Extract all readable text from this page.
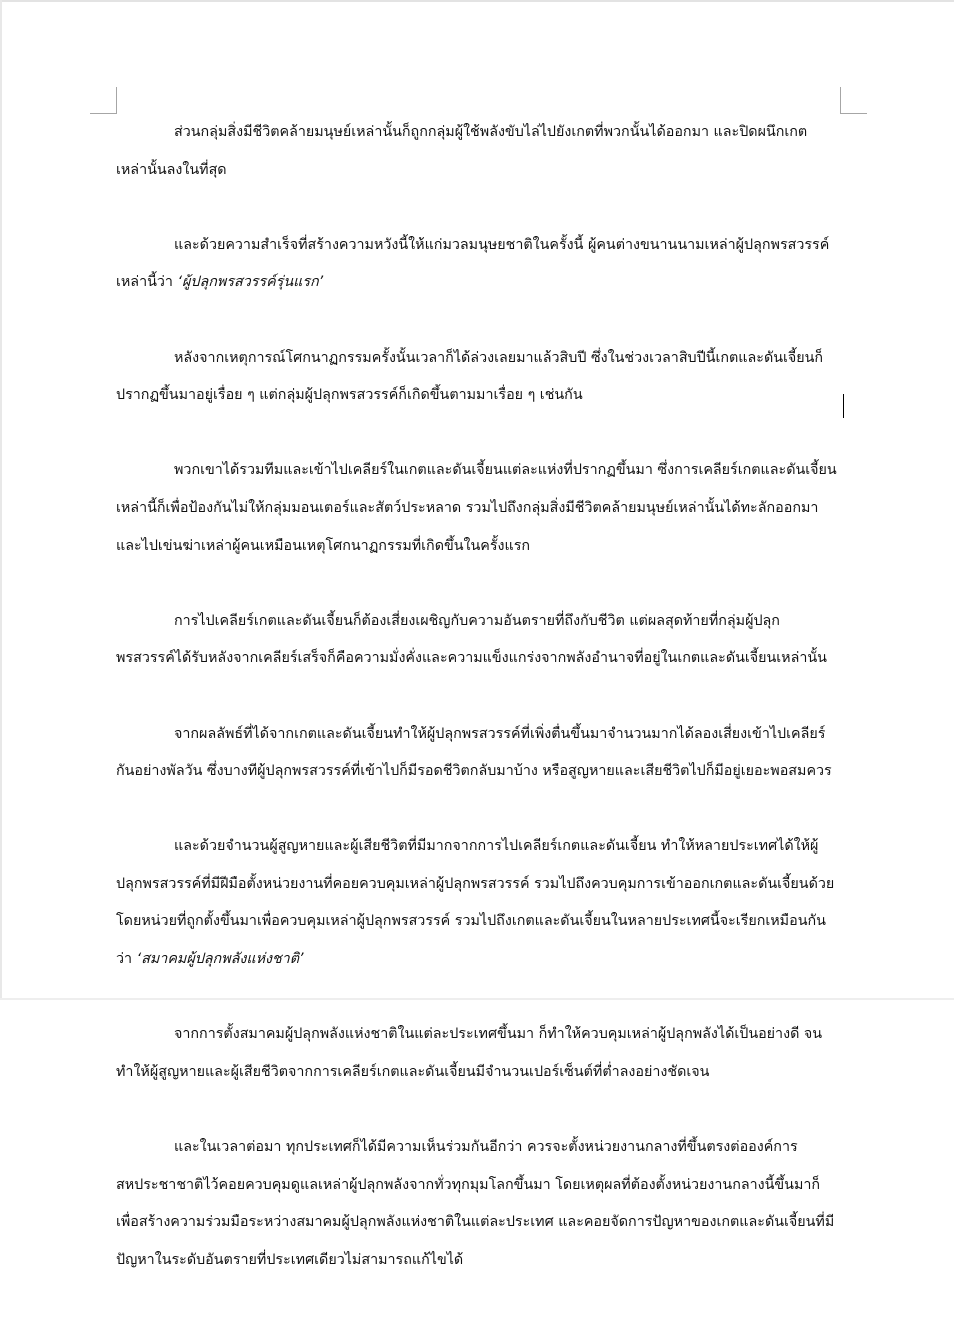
ส่วนกลุ่มสิ่งมีชีวิตคล้ายมนุษย์เหล่านั้นก็ถูกกลุ่มผู้ใช้พลังขับไล่ไปยังเกตที่พวกนั้นได้ออกมา และปิดผนึกเกต
เหล่านั้นลงในที่สุด

และด้วยความสำเร็จที่สร้างความหวังนี้ให้แก่มวลมนุษยชาติในครั้งนี้ ผู้คนต่างขนานนามเหล่าผู้ปลุกพรสวรรค์
เหล่านี้ว่า ‘ผู้ปลุกพรสวรรค์รุ่นแรก’

หลังจากเหตุการณ์โศกนาฏกรรมครั้งนั้นเวลาก็ได้ล่วงเลยมาแล้วสิบปี ซึ่งในช่วงเวลาสิบปีนี้เกตและดันเจี้ยนก็
ปรากฏขึ้นมาอยู่เรื่อย ๆ แต่กลุ่มผู้ปลุกพรสวรรค์ก็เกิดขึ้นตามมาเรื่อย ๆ เช่นกัน

พวกเขาได้รวมทีมและเข้าไปเคลียร์ในเกตและดันเจี้ยนแต่ละแห่งที่ปรากฏขึ้นมา ซึ่งการเคลียร์เกตและดันเจี้ยน
เหล่านี้ก็เพื่อป้องกันไม่ให้กลุ่มมอนเตอร์และสัตว์ประหลาด รวมไปถึงกลุ่มสิ่งมีชีวิตคล้ายมนุษย์เหล่านั้นได้ทะลักออกมา
และไปเข่นฆ่าเหล่าผู้คนเหมือนเหตุโศกนาฏกรรมที่เกิดขึ้นในครั้งแรก

การไปเคลียร์เกตและดันเจี้ยนก็ต้องเสี่ยงเผชิญกับความอันตรายที่ถึงกับชีวิต แต่ผลสุดท้ายที่กลุ่มผู้ปลุก
พรสวรรค์ได้รับหลังจากเคลียร์เสร็จก็คือความมั่งคั่งและความแข็งแกร่งจากพลังอำนาจที่อยู่ในเกตและดันเจี้ยนเหล่านั้น

จากผลลัพธ์ที่ได้จากเกตและดันเจี้ยนทำให้ผู้ปลุกพรสวรรค์ที่เพิ่งตื่นขึ้นมาจำนวนมากได้ลองเสี่ยงเข้าไปเคลียร์
กันอย่างพัลวัน ซึ่งบางทีผู้ปลุกพรสวรรค์ที่เข้าไปก็มีรอดชีวิตกลับมาบ้าง หรือสูญหายและเสียชีวิตไปก็มีอยู่เยอะพอสมควร

และด้วยจำนวนผู้สูญหายและผู้เสียชีวิตที่มีมากจากการไปเคลียร์เกตและดันเจี้ยน ทำให้หลายประเทศได้ให้ผู้
ปลุกพรสวรรค์ที่มีฝีมือตั้งหน่วยงานที่คอยควบคุมเหล่าผู้ปลุกพรสวรรค์ รวมไปถึงควบคุมการเข้าออกเกตและดันเจี้ยนด้วย
โดยหน่วยที่ถูกตั้งขึ้นมาเพื่อควบคุมเหล่าผู้ปลุกพรสวรรค์ รวมไปถึงเกตและดันเจี้ยนในหลายประเทศนี้จะเรียกเหมือนกัน
ว่า ‘สมาคมผู้ปลุกพลังแห่งชาติ’

จากการตั้งสมาคมผู้ปลุกพลังแห่งชาติในแต่ละประเทศขึ้นมา ก็ทำให้ควบคุมเหล่าผู้ปลุกพลังได้เป็นอย่างดี จน
ทำให้ผู้สูญหายและผู้เสียชีวิตจากการเคลียร์เกตและดันเจี้ยนมีจำนวนเปอร์เซ็นต์ที่ต่ำลงอย่างชัดเจน

และในเวลาต่อมา ทุกประเทศก็ได้มีความเห็นร่วมกันอีกว่า ควรจะตั้งหน่วยงานกลางที่ขึ้นตรงต่อองค์การ
สหประชาชาติไว้คอยควบคุมดูแลเหล่าผู้ปลุกพลังจากทั่วทุกมุมโลกขึ้นมา โดยเหตุผลที่ต้องตั้งหน่วยงานกลางนี้ขึ้นมาก็
เพื่อสร้างความร่วมมือระหว่างสมาคมผู้ปลุกพลังแห่งชาติในแต่ละประเทศ และคอยจัดการปัญหาของเกตและดันเจี้ยนที่มี
ปัญหาในระดับอันตรายที่ประเทศเดียวไม่สามารถแก้ไขได้
